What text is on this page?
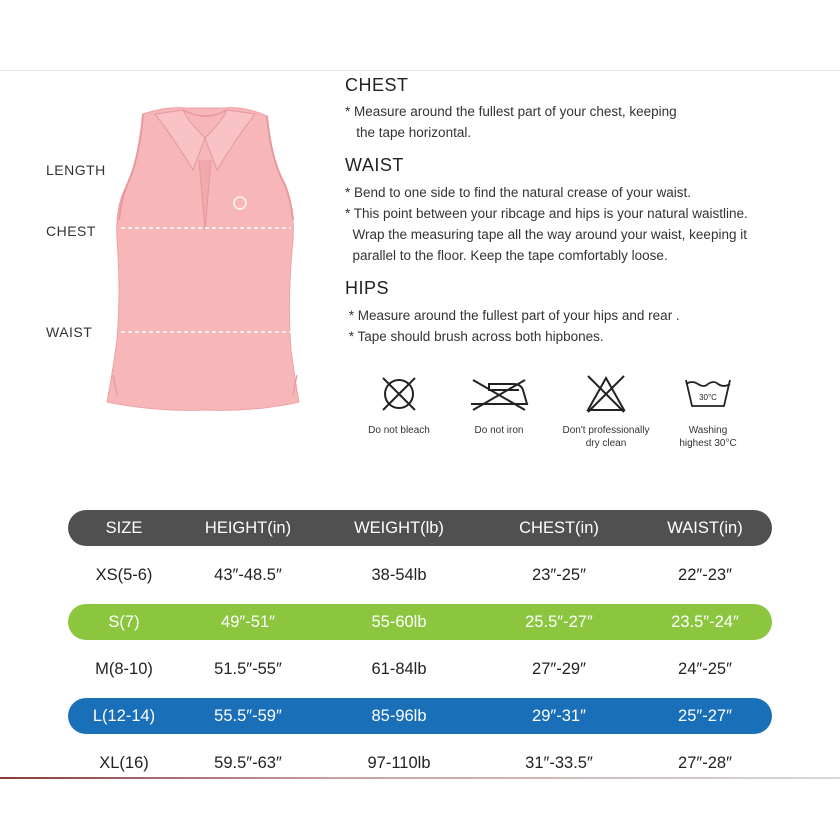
LENGTH
CHEST
WAIST
CHEST

* Measure around the fullest part of your chest, keeping

the tape horizontal.

WAIST

* Bend to one side to find the natural crease of your waist.

* This point between your ribcage and hips is your natural waistline.

Wrap the measuring tape all the way around your waist, keeping it

parallel to the floor. Keep the tape comfortably loose.

HIPS

* Measure around the fullest part of your hips and rear .

* Tape should brush across both hipbones.

Do not bleach	Do not iron	Don't professionally
dry clean
30°C
Washing
highest 30°C
SIZE	HEIGHT(in)	WEIGHT(lb)	CHEST(in)	WAIST(in)
XS(5-6)	43″-48.5″	38-54lb	23″-25″	22″-23″
S(7)	49″-51″	55-60lb	25.5″-27″	23.5″-24″
M(8-10)	51.5″-55″	61-84lb	27″-29″	24″-25″
L(12-14)	55.5″-59″	85-96lb	29″-31″	25″-27″
XL(16)	59.5″-63″	97-110lb	31″-33.5″	27″-28″
